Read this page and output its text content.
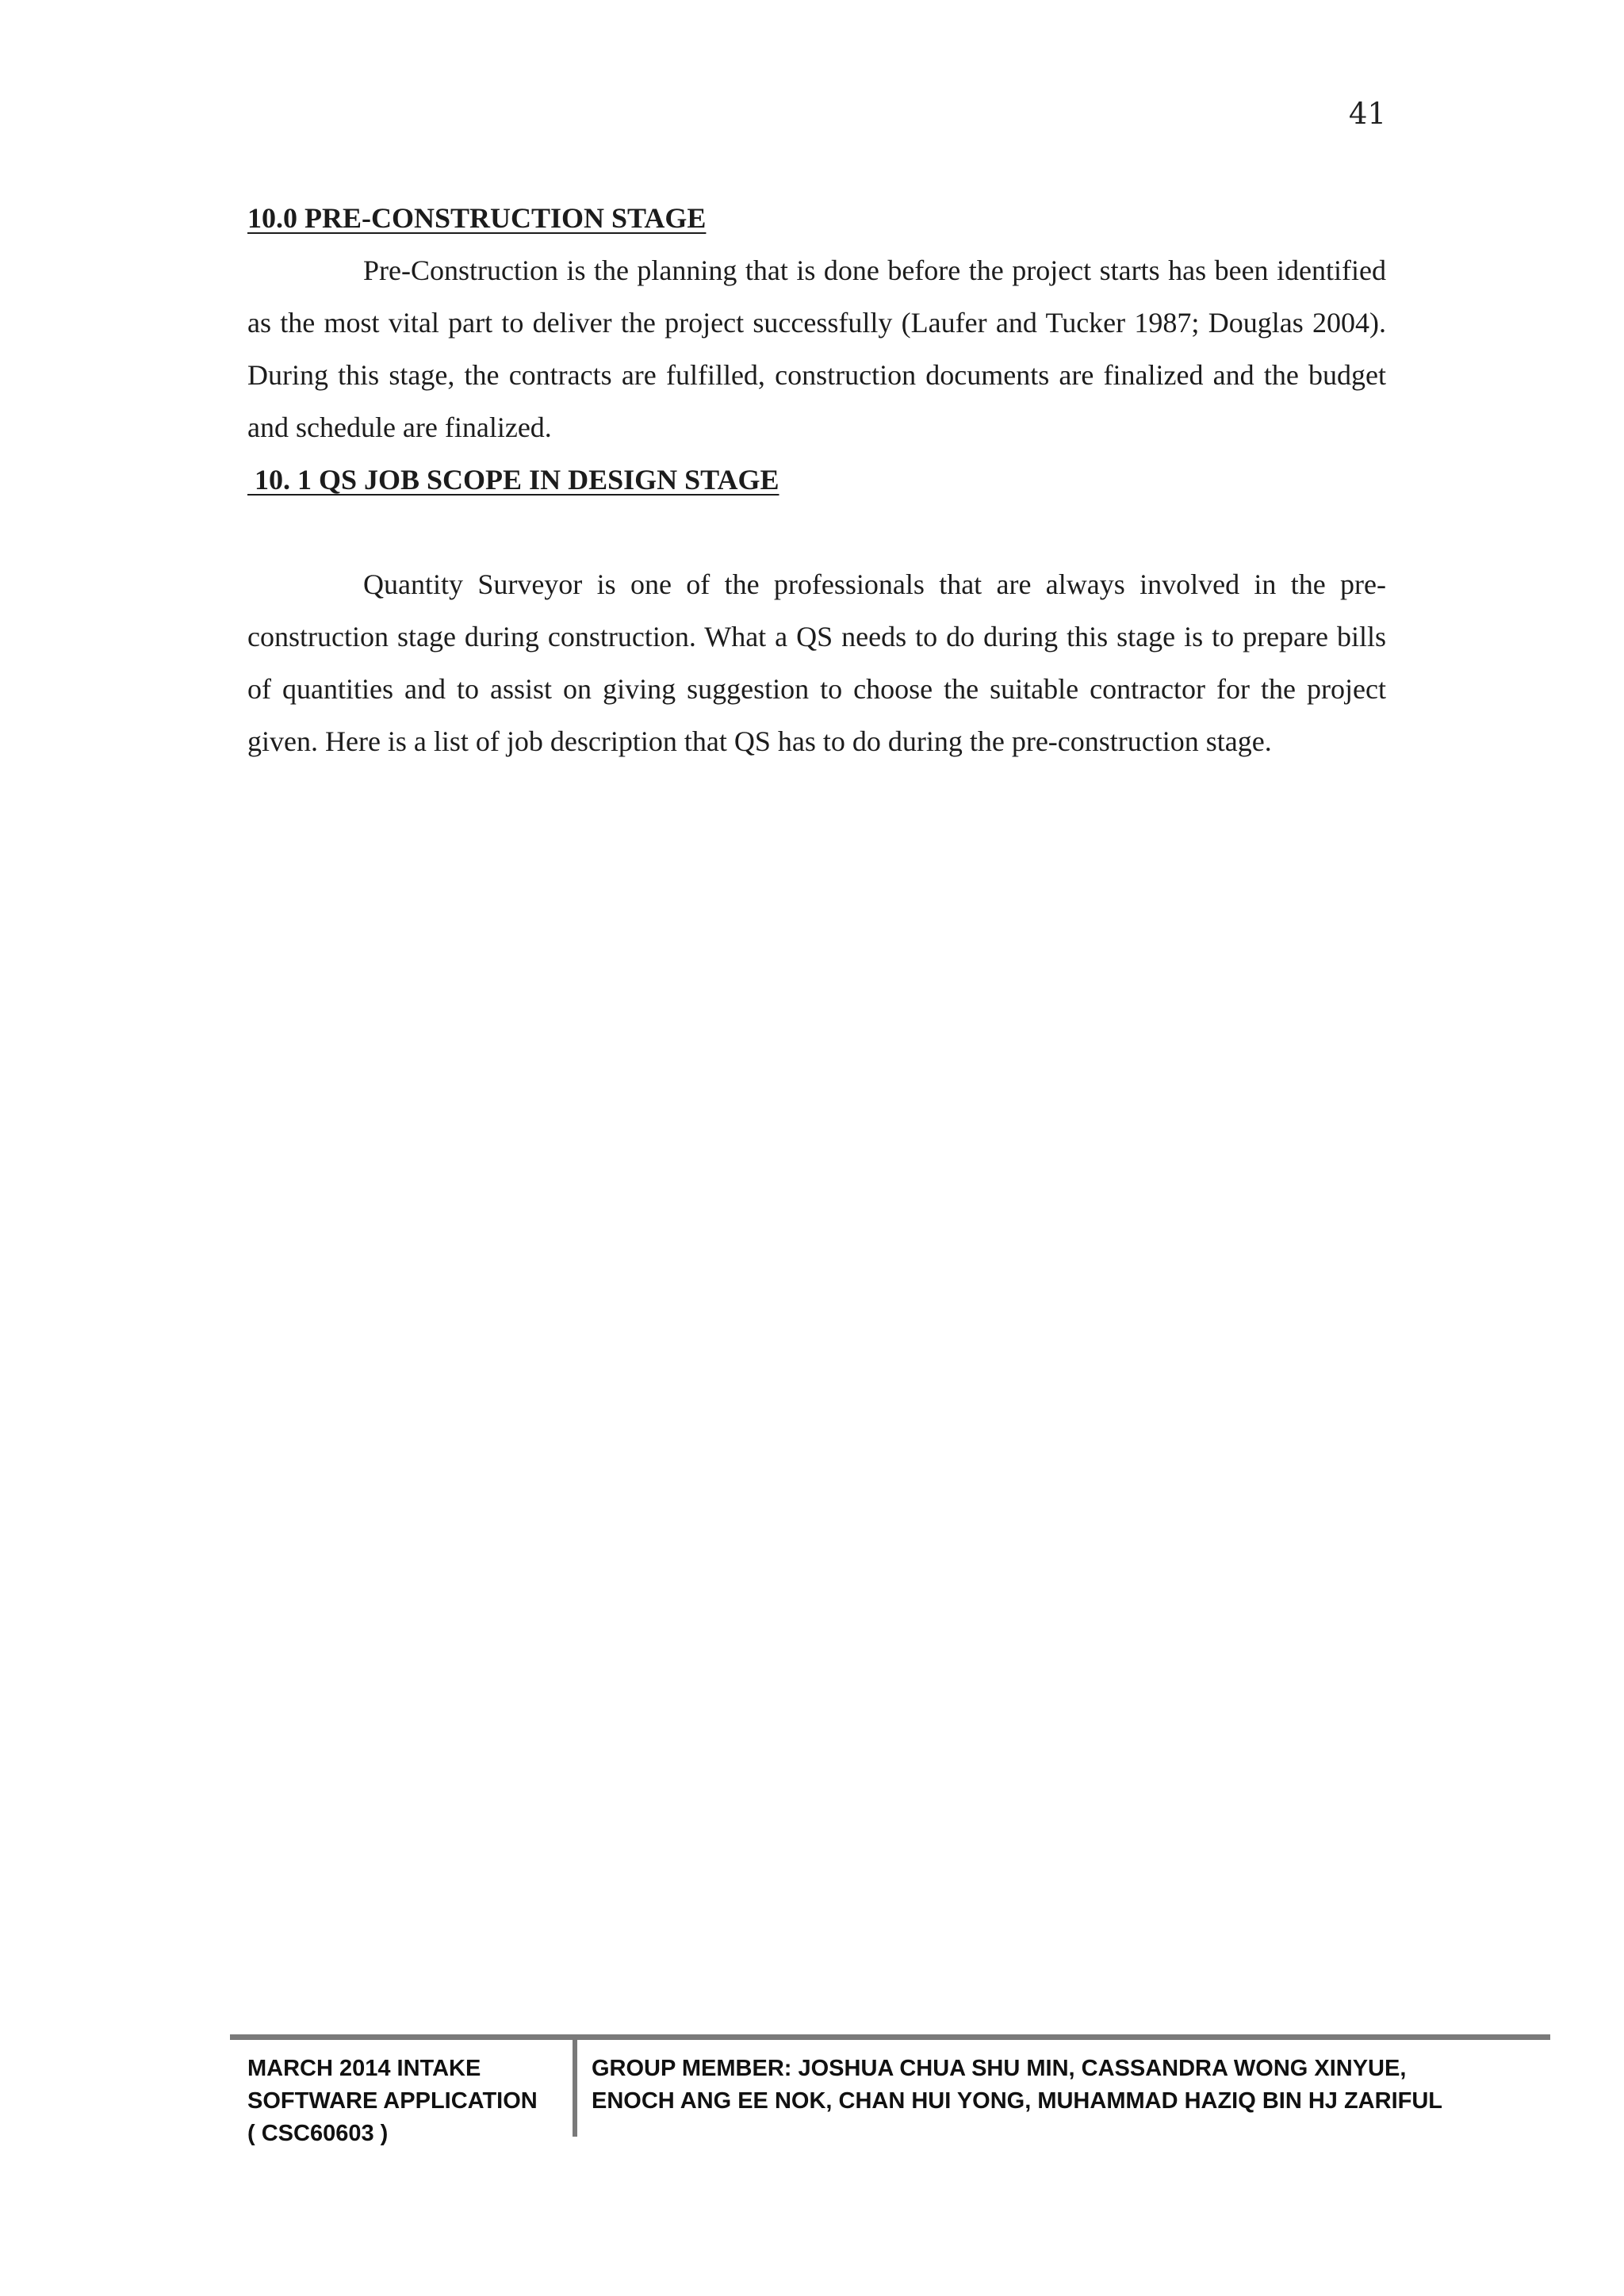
41

10.0 PRE-CONSTRUCTION STAGE

Pre-Construction is the planning that is done before the project starts has been identified as the most vital part to deliver the project successfully (Laufer and Tucker 1987; Douglas 2004). During this stage, the contracts are fulfilled, construction documents are finalized and the budget and schedule are finalized.

10. 1 QS JOB SCOPE IN DESIGN STAGE

Quantity Surveyor is one of the professionals that are always involved in the pre-construction stage during construction. What a QS needs to do during this stage is to prepare bills of quantities and to assist on giving suggestion to choose the suitable contractor for the project given. Here is a list of job description that QS has to do during the pre-construction stage.

MARCH 2014 INTAKE
SOFTWARE APPLICATION
( CSC60603 )
GROUP MEMBER: JOSHUA CHUA SHU MIN, CASSANDRA WONG XINYUE,
ENOCH ANG EE NOK, CHAN HUI YONG, MUHAMMAD HAZIQ BIN HJ ZARIFUL
